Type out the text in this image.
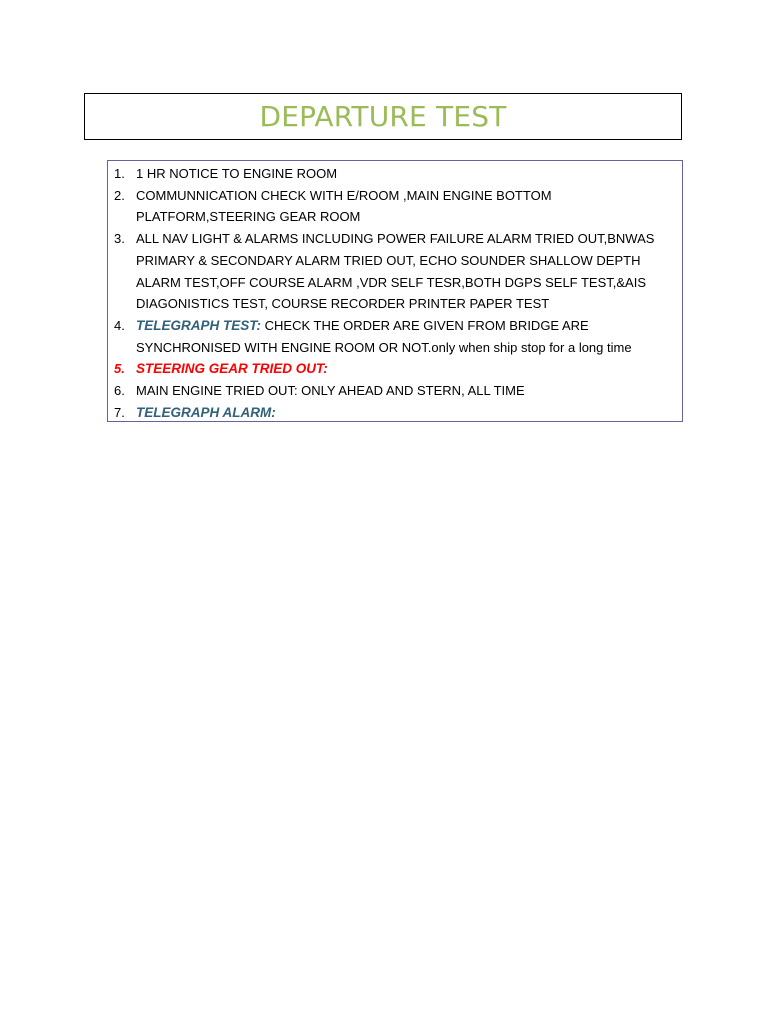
DEPARTURE TEST
1. 1 HR NOTICE TO ENGINE ROOM
2. COMMUNNICATION CHECK WITH E/ROOM ,MAIN ENGINE BOTTOM PLATFORM,STEERING GEAR ROOM
3. ALL NAV LIGHT & ALARMS INCLUDING POWER FAILURE ALARM TRIED OUT,BNWAS PRIMARY & SECONDARY ALARM TRIED OUT, ECHO SOUNDER SHALLOW DEPTH ALARM TEST,OFF COURSE ALARM ,VDR SELF TESR,BOTH DGPS SELF TEST,&AIS DIAGONISTICS TEST, COURSE RECORDER PRINTER PAPER TEST
4. TELEGRAPH TEST: CHECK THE ORDER ARE GIVEN FROM BRIDGE ARE SYNCHRONISED WITH ENGINE ROOM OR NOT.only when ship stop for a long time
5. STEERING GEAR TRIED OUT:
6. MAIN ENGINE TRIED OUT: ONLY AHEAD AND STERN, ALL TIME
7. TELEGRAPH ALARM:
